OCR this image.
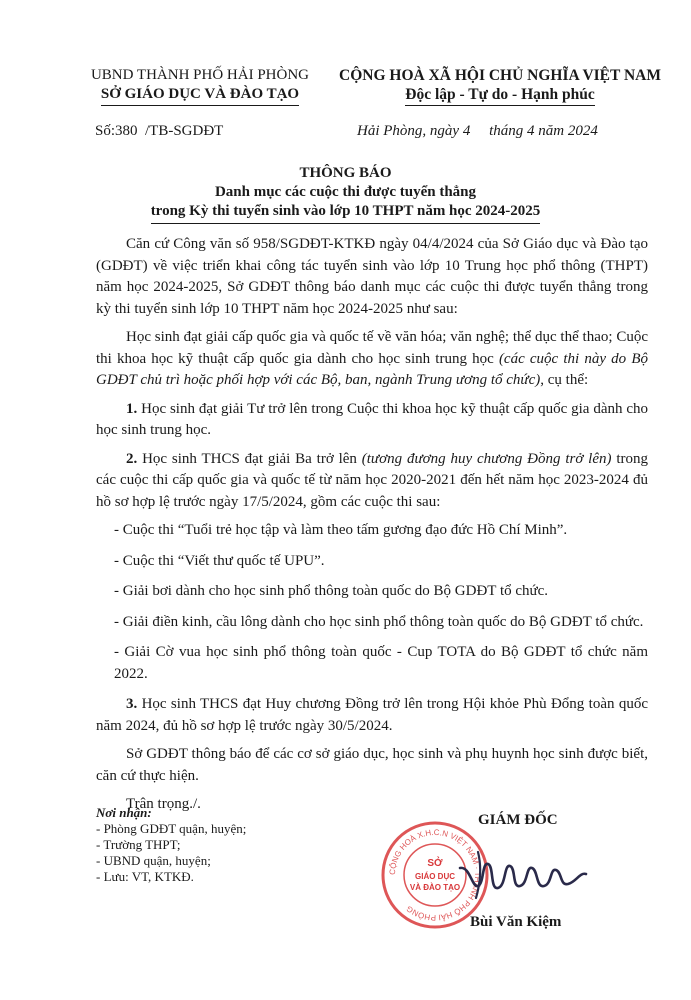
UBND THÀNH PHỐ HẢI PHÒNG
SỞ GIÁO DỤC VÀ ĐÀO TẠO
CỘNG HOÀ XÃ HỘI CHỦ NGHĨA VIỆT NAM
Độc lập - Tự do - Hạnh phúc
Số:380  /TB-SGDĐT	Hải Phòng, ngày 4     tháng 4 năm 2024
THÔNG BÁO
Danh mục các cuộc thi được tuyển thẳng
trong Kỳ thi tuyển sinh vào lớp 10 THPT năm học 2024-2025

Căn cứ Công văn số 958/SGDĐT-KTKĐ ngày 04/4/2024 của Sở Giáo dục và Đào tạo (GDĐT) về việc triển khai công tác tuyển sinh vào lớp 10 Trung học phổ thông (THPT) năm học 2024-2025, Sở GDĐT thông báo danh mục các cuộc thi được tuyển thẳng trong kỳ thi tuyển sinh lớp 10 THPT năm học 2024-2025 như sau:

Học sinh đạt giải cấp quốc gia và quốc tế về văn hóa; văn nghệ; thể dục thể thao; Cuộc thi khoa học kỹ thuật cấp quốc gia dành cho học sinh trung học (các cuộc thi này do Bộ GDĐT chủ trì hoặc phối hợp với các Bộ, ban, ngành Trung ương tổ chức), cụ thể:

1. Học sinh đạt giải Tư trở lên trong Cuộc thi khoa học kỹ thuật cấp quốc gia dành cho học sinh trung học.

2. Học sinh THCS đạt giải Ba trở lên (tương đương huy chương Đồng trở lên) trong các cuộc thi cấp quốc gia và quốc tế từ năm học 2020-2021 đến hết năm học 2023-2024 đủ hồ sơ hợp lệ trước ngày 17/5/2024, gồm các cuộc thi sau:

- Cuộc thi “Tuổi trẻ học tập và làm theo tấm gương đạo đức Hồ Chí Minh”.

- Cuộc thi “Viết thư quốc tế UPU”.

- Giải bơi dành cho học sinh phổ thông toàn quốc do Bộ GDĐT tổ chức.

- Giải điền kinh, cầu lông dành cho học sinh phổ thông toàn quốc do Bộ GDĐT tổ chức.

- Giải Cờ vua học sinh phổ thông toàn quốc - Cup TOTA do Bộ GDĐT tổ chức năm 2022.

3. Học sinh THCS đạt Huy chương Đồng trở lên trong Hội khỏe Phù Đổng toàn quốc năm 2024, đủ hồ sơ hợp lệ trước ngày 30/5/2024.

Sở GDĐT thông báo để các cơ sở giáo dục, học sinh và phụ huynh học sinh được biết, căn cứ thực hiện.

Trân trọng./.

Nơi nhận:
- Phòng GDĐT quận, huyện;
- Trường THPT;
- UBND quận, huyện;
- Lưu: VT, KTKĐ.
GIÁM ĐỐC
CỘNG HOÀ X.H.C.N VIỆT NAM · THÀNH PHỐ HẢI PHÒNG
SỞ
GIÁO DỤC
VÀ ĐÀO TẠO
Bùi Văn Kiệm
